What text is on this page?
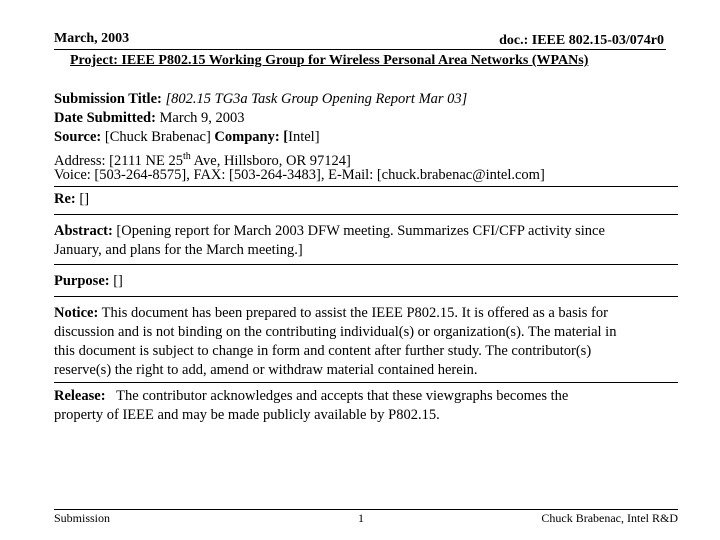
March, 2003	doc.: IEEE 802.15-03/074r0
Project: IEEE P802.15 Working Group for Wireless Personal Area Networks (WPANs)
Submission Title: [802.15 TG3a Task Group Opening Report Mar 03]
Date Submitted: March 9, 2003
Source: [Chuck Brabenac] Company: [Intel]
Address: [2111 NE 25th Ave, Hillsboro, OR 97124]
Voice: [503-264-8575], FAX: [503-264-3483], E-Mail: [chuck.brabenac@intel.com]
Re: []
Abstract: [Opening report for March 2003 DFW meeting. Summarizes CFI/CFP activity since
January, and plans for the March meeting.]
Purpose: []
Notice: This document has been prepared to assist the IEEE P802.15. It is offered as a basis for
discussion and is not binding on the contributing individual(s) or organization(s). The material in
this document is subject to change in form and content after further study. The contributor(s)
reserve(s) the right to add, amend or withdraw material contained herein.
Release: The contributor acknowledges and accepts that these viewgraphs becomes the
property of IEEE and may be made publicly available by P802.15.
Submission	1	Chuck Brabenac, Intel R&D
